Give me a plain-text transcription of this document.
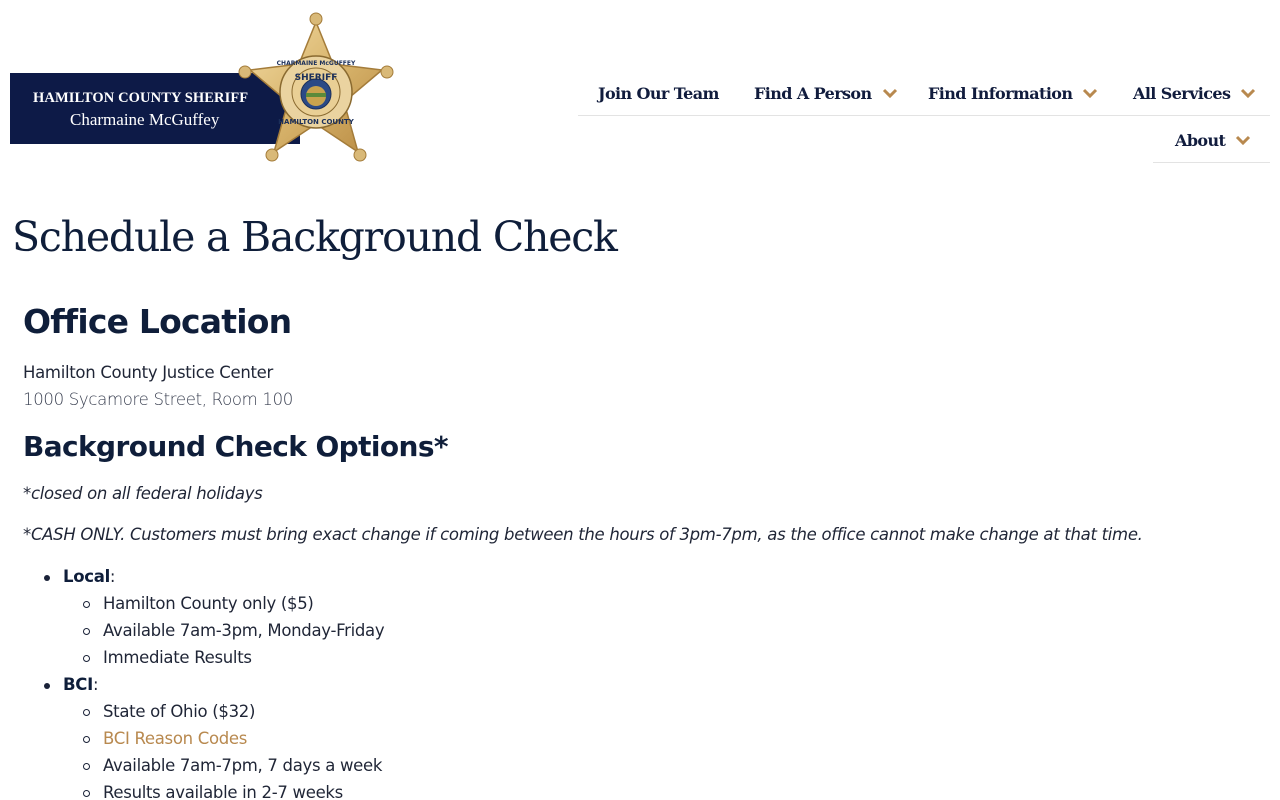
HAMILTON COUNTY SHERIFF
Charmaine McGuffey
SHERIFF
CHARMAINE McGUFFEY
HAMILTON COUNTY
Join Our Team Find A Person	Find Information	All Services
About
Schedule a Background Check
Office Location
Hamilton County Justice Center
1000 Sycamore Street, Room 100
Background Check Options*
*closed on all federal holidays
*CASH ONLY. Customers must bring exact change if coming between the hours of 3pm-7pm, as the office cannot make change at that time.
Local:
Hamilton County only ($5)
Available 7am-3pm, Monday-Friday
Immediate Results
BCI:
State of Ohio ($32)
BCI Reason Codes
Available 7am-7pm, 7 days a week
Results available in 2-7 weeks
